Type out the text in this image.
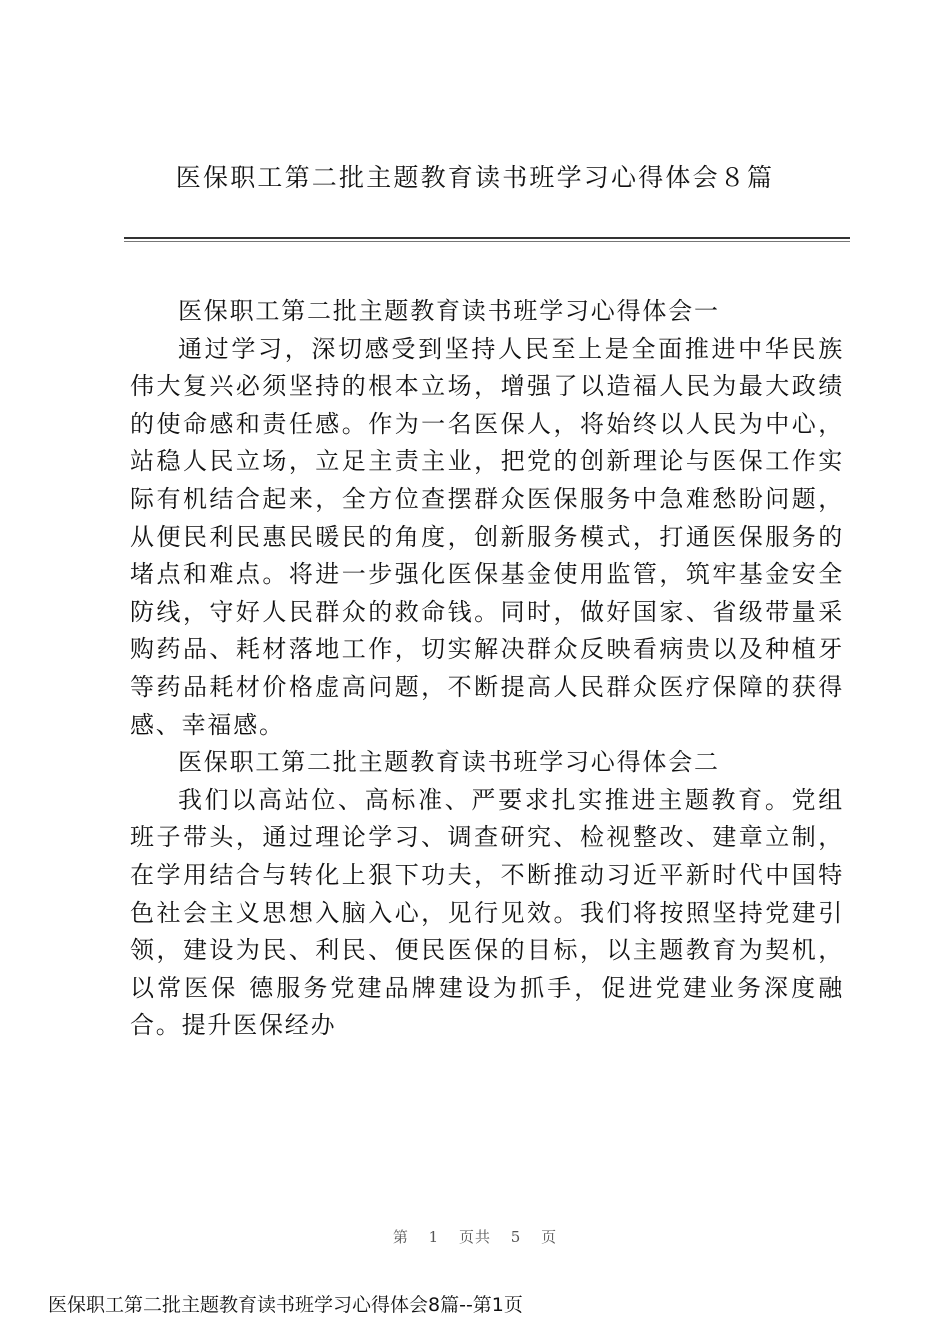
医保职工第二批主题教育读书班学习心得体会８篇

医保职工第二批主题教育读书班学习心得体会一

通过学习，深切感受到坚持人民至上是全面推进中华民族伟大复兴必须坚持的根本立场，增强了以造福人民为最大政绩的使命感和责任感。作为一名医保人，将始终以人民为中心，站稳人民立场，立足主责主业，把党的创新理论与医保工作实际有机结合起来，全方位查摆群众医保服务中急难愁盼问题，从便民利民惠民暖民的角度，创新服务模式，打通医保服务的堵点和难点。将进一步强化医保基金使用监管，筑牢基金安全防线，守好人民群众的救命钱。同时，做好国家、省级带量采购药品、耗材落地工作，切实解决群众反映看病贵以及种植牙等药品耗材价格虚高问题，不断提高人民群众医疗保障的获得感、幸福感。

医保职工第二批主题教育读书班学习心得体会二

我们以高站位、高标准、严要求扎实推进主题教育。党组班子带头，通过理论学习、调查研究、检视整改、建章立制，在学用结合与转化上狠下功夫，不断推动习近平新时代中国特色社会主义思想入脑入心，见行见效。我们将按照坚持党建引领，建设为民、利民、便民医保的目标，以主题教育为契机，以常医保 德服务党建品牌建设为抓手，促进党建业务深度融合。提升医保经办

第 1 页共 5 页
医保职工第二批主题教育读书班学习心得体会8篇--第1页
